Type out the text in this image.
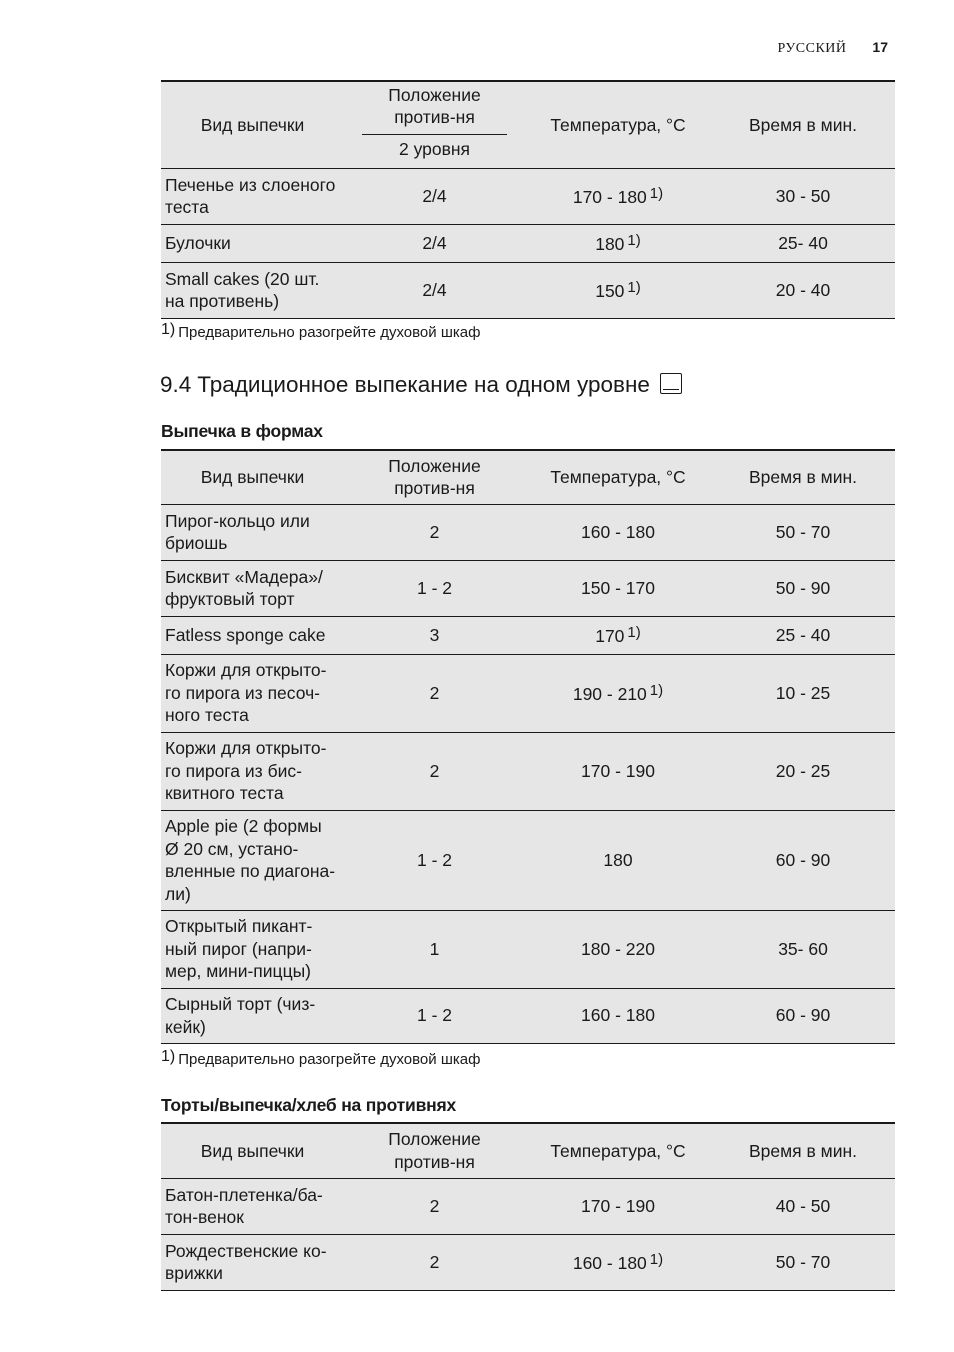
РУССКИЙ 17
Вид выпечки	Положение против-ня	Температура, °C	Время в мин.
	2 уровня		
Печенье из слоеного теста	2/4	170 - 180 $^{1)}$	30 - 50
Булочки	2/4	180 $^{1)}$	25- 40
Small cakes (20 шт. на противень)	2/4	150 $^{1)}$	20 - 40
1) Предварительно разогрейте духовой шкаф
9.4 Традиционное выпекание на одном уровне
Выпечка в формах
Вид выпечки	Положение против-ня	Температура, °C	Время в мин.
Пирог-кольцо или бриошь	2	160 - 180	50 - 70
Бисквит «Мадера»/ фруктовый торт	1 - 2	150 - 170	50 - 90
Fatless sponge cake	3	170 $^{1)}$	25 - 40
Коржи для открыто-го пирога из песоч-ного теста	2	190 - 210 $^{1)}$	10 - 25
Коржи для открыто-го пирога из бис-квитного теста	2	170 - 190	20 - 25
Apple pie (2 формы Ø 20 см, устано-вленные по диагона-ли)	1 - 2	180	60 - 90
Открытый пикант-ный пирог (напри-мер, мини-пиццы)	1	180 - 220	35- 60
Сырный торт (чиз-кейк)	1 - 2	160 - 180	60 - 90
1) Предварительно разогрейте духовой шкаф
Торты/выпечка/хлеб на противнях
Вид выпечки	Положение против-ня	Температура, °C	Время в мин.
Батон-плетенка/ба-тон-венок	2	170 - 190	40 - 50
Рождественские ко-врижки	2	160 - 180 $^{1)}$	50 - 70
